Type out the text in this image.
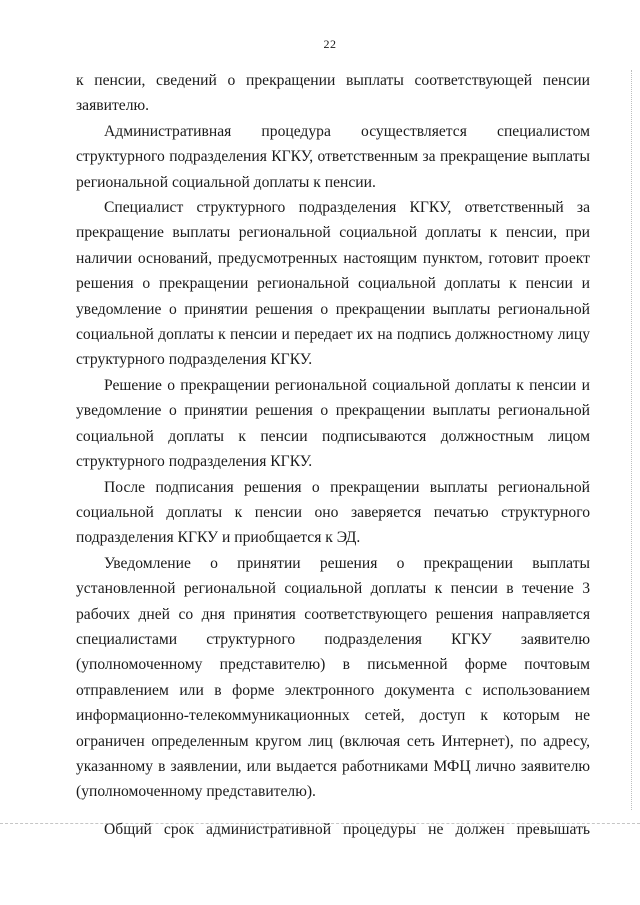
22

к пенсии, сведений о прекращении выплаты соответствующей пенсии заявителю.

Административная процедура осуществляется специалистом структурного подразделения КГКУ, ответственным за прекращение выплаты региональной социальной доплаты к пенсии.

Специалист структурного подразделения КГКУ, ответственный за прекращение выплаты региональной социальной доплаты к пенсии, при наличии оснований, предусмотренных настоящим пунктом, готовит проект решения о прекращении региональной социальной доплаты к пенсии и уведомление о принятии решения о прекращении выплаты региональной социальной доплаты к пенсии и передает их на подпись должностному лицу структурного подразделения КГКУ.

Решение о прекращении региональной социальной доплаты к пенсии и уведомление о принятии решения о прекращении выплаты региональной социальной доплаты к пенсии подписываются должностным лицом структурного подразделения КГКУ.

После подписания решения о прекращении выплаты региональной социальной доплаты к пенсии оно заверяется печатью структурного подразделения КГКУ и приобщается к ЭД.

Уведомление о принятии решения о прекращении выплаты установленной региональной социальной доплаты к пенсии в течение 3 рабочих дней со дня принятия соответствующего решения направляется специалистами структурного подразделения КГКУ заявителю (уполномоченному представителю) в письменной форме почтовым отправлением или в форме электронного документа с использованием информационно-телекоммуникационных сетей, доступ к которым не ограничен определенным кругом лиц (включая сеть Интернет), по адресу, указанному в заявлении, или выдается работниками МФЦ лично заявителю (уполномоченному представителю).

Общий срок административной процедуры не должен превышать
